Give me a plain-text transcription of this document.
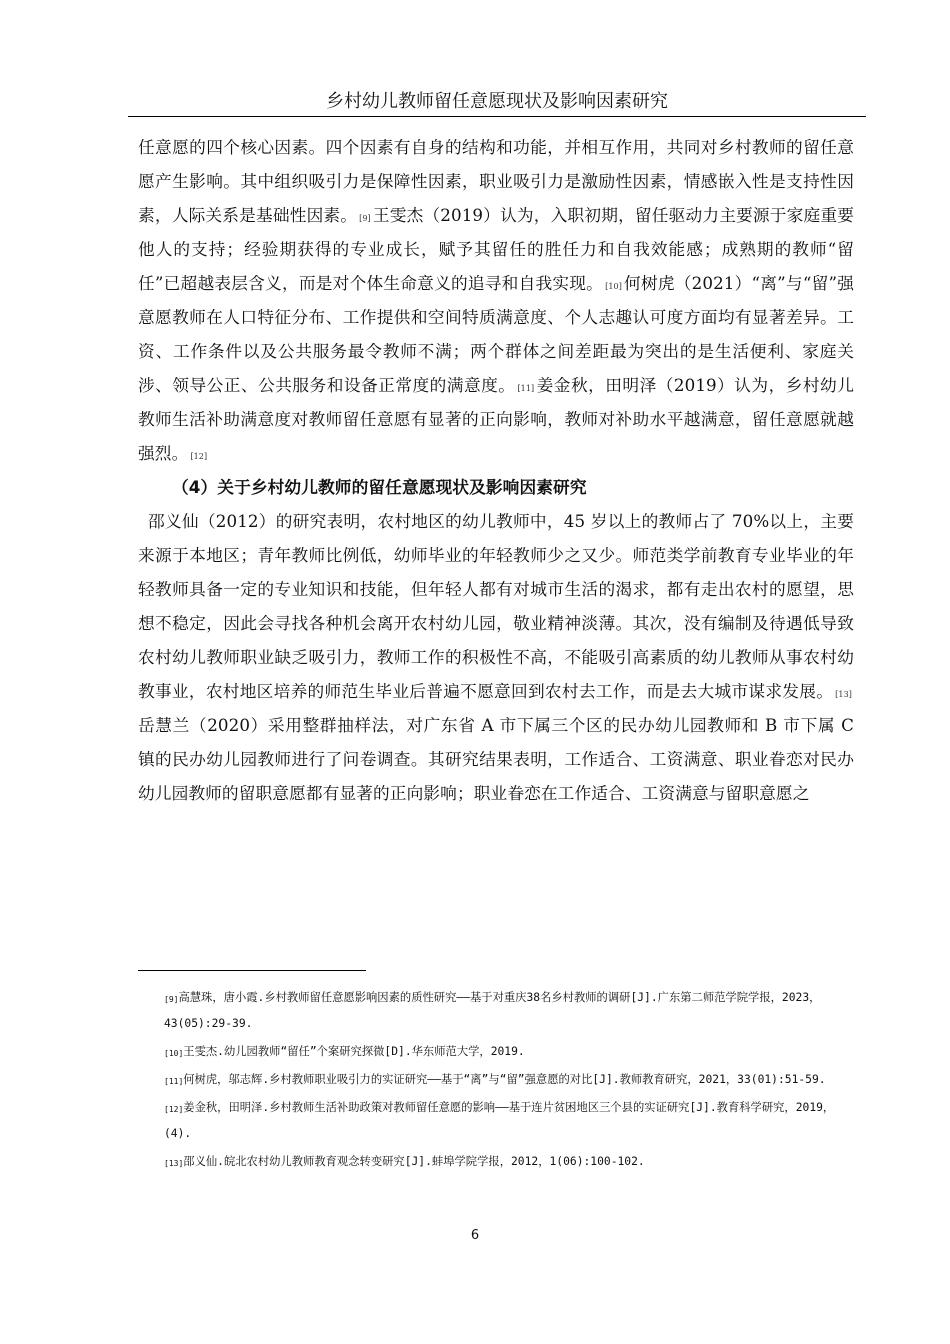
乡村幼儿教师留任意愿现状及影响因素研究

任意愿的四个核心因素。四个因素有自身的结构和功能，并相互作用，共同对乡村教师的留任意愿产生影响。其中组织吸引力是保障性因素，职业吸引力是激励性因素，情感嵌入性是支持性因素，人际关系是基础性因素。 [9] 王雯杰（2019）认为，入职初期，留任驱动力主要源于家庭重要他人的支持；经验期获得的专业成长，赋予其留任的胜任力和自我效能感；成熟期的教师“留任”已超越表层含义，而是对个体生命意义的追寻和自我实现。 [10] 何树虎（2021）“离”与“留”强意愿教师在人口特征分布、工作提供和空间特质满意度、个人志趣认可度方面均有显著差异。工资、工作条件以及公共服务最令教师不满；两个群体之间差距最为突出的是生活便利、家庭关涉、领导公正、公共服务和设备正常度的满意度。 [11] 姜金秋，田明泽（2019）认为，乡村幼儿教师生活补助满意度对教师留任意愿有显著的正向影响，教师对补助水平越满意，留任意愿就越强烈。 [12]

（4）关于乡村幼儿教师的留任意愿现状及影响因素研究

邵义仙（2012）的研究表明，农村地区的幼儿教师中，45 岁以上的教师占了 70%以上，主要来源于本地区；青年教师比例低，幼师毕业的年轻教师少之又少。师范类学前教育专业毕业的年轻教师具备一定的专业知识和技能，但年轻人都有对城市生活的渴求，都有走出农村的愿望，思想不稳定，因此会寻找各种机会离开农村幼儿园，敬业精神淡薄。其次，没有编制及待遇低导致农村幼儿教师职业缺乏吸引力，教师工作的积极性不高，不能吸引高素质的幼儿教师从事农村幼教事业，农村地区培养的师范生毕业后普遍不愿意回到农村去工作，而是去大城市谋求发展。 [13]岳慧兰（2020）采用整群抽样法，对广东省 A 市下属三个区的民办幼儿园教师和 B 市下属 C 镇的民办幼儿园教师进行了问卷调查。其研究结果表明，工作适合、工资满意、职业眷恋对民办幼儿园教师的留职意愿都有显著的正向影响；职业眷恋在工作适合、工资满意与留职意愿之

[9]高慧珠，唐小霞.乡村教师留任意愿影响因素的质性研究——基于对重庆38名乡村教师的调研[J].广东第二师范学院学报，2023，43(05):29-39.

[10]王雯杰.幼儿园教师“留任”个案研究探微[D].华东师范大学，2019.

[11]何树虎，邬志辉.乡村教师职业吸引力的实证研究——基于“离”与“留”强意愿的对比[J].教师教育研究，2021，33(01):51-59.

[12]姜金秋，田明泽.乡村教师生活补助政策对教师留任意愿的影响——基于连片贫困地区三个县的实证研究[J].教育科学研究，2019，(4).

[13]邵义仙.皖北农村幼儿教师教育观念转变研究[J].蚌埠学院学报，2012，1(06):100-102.

6
